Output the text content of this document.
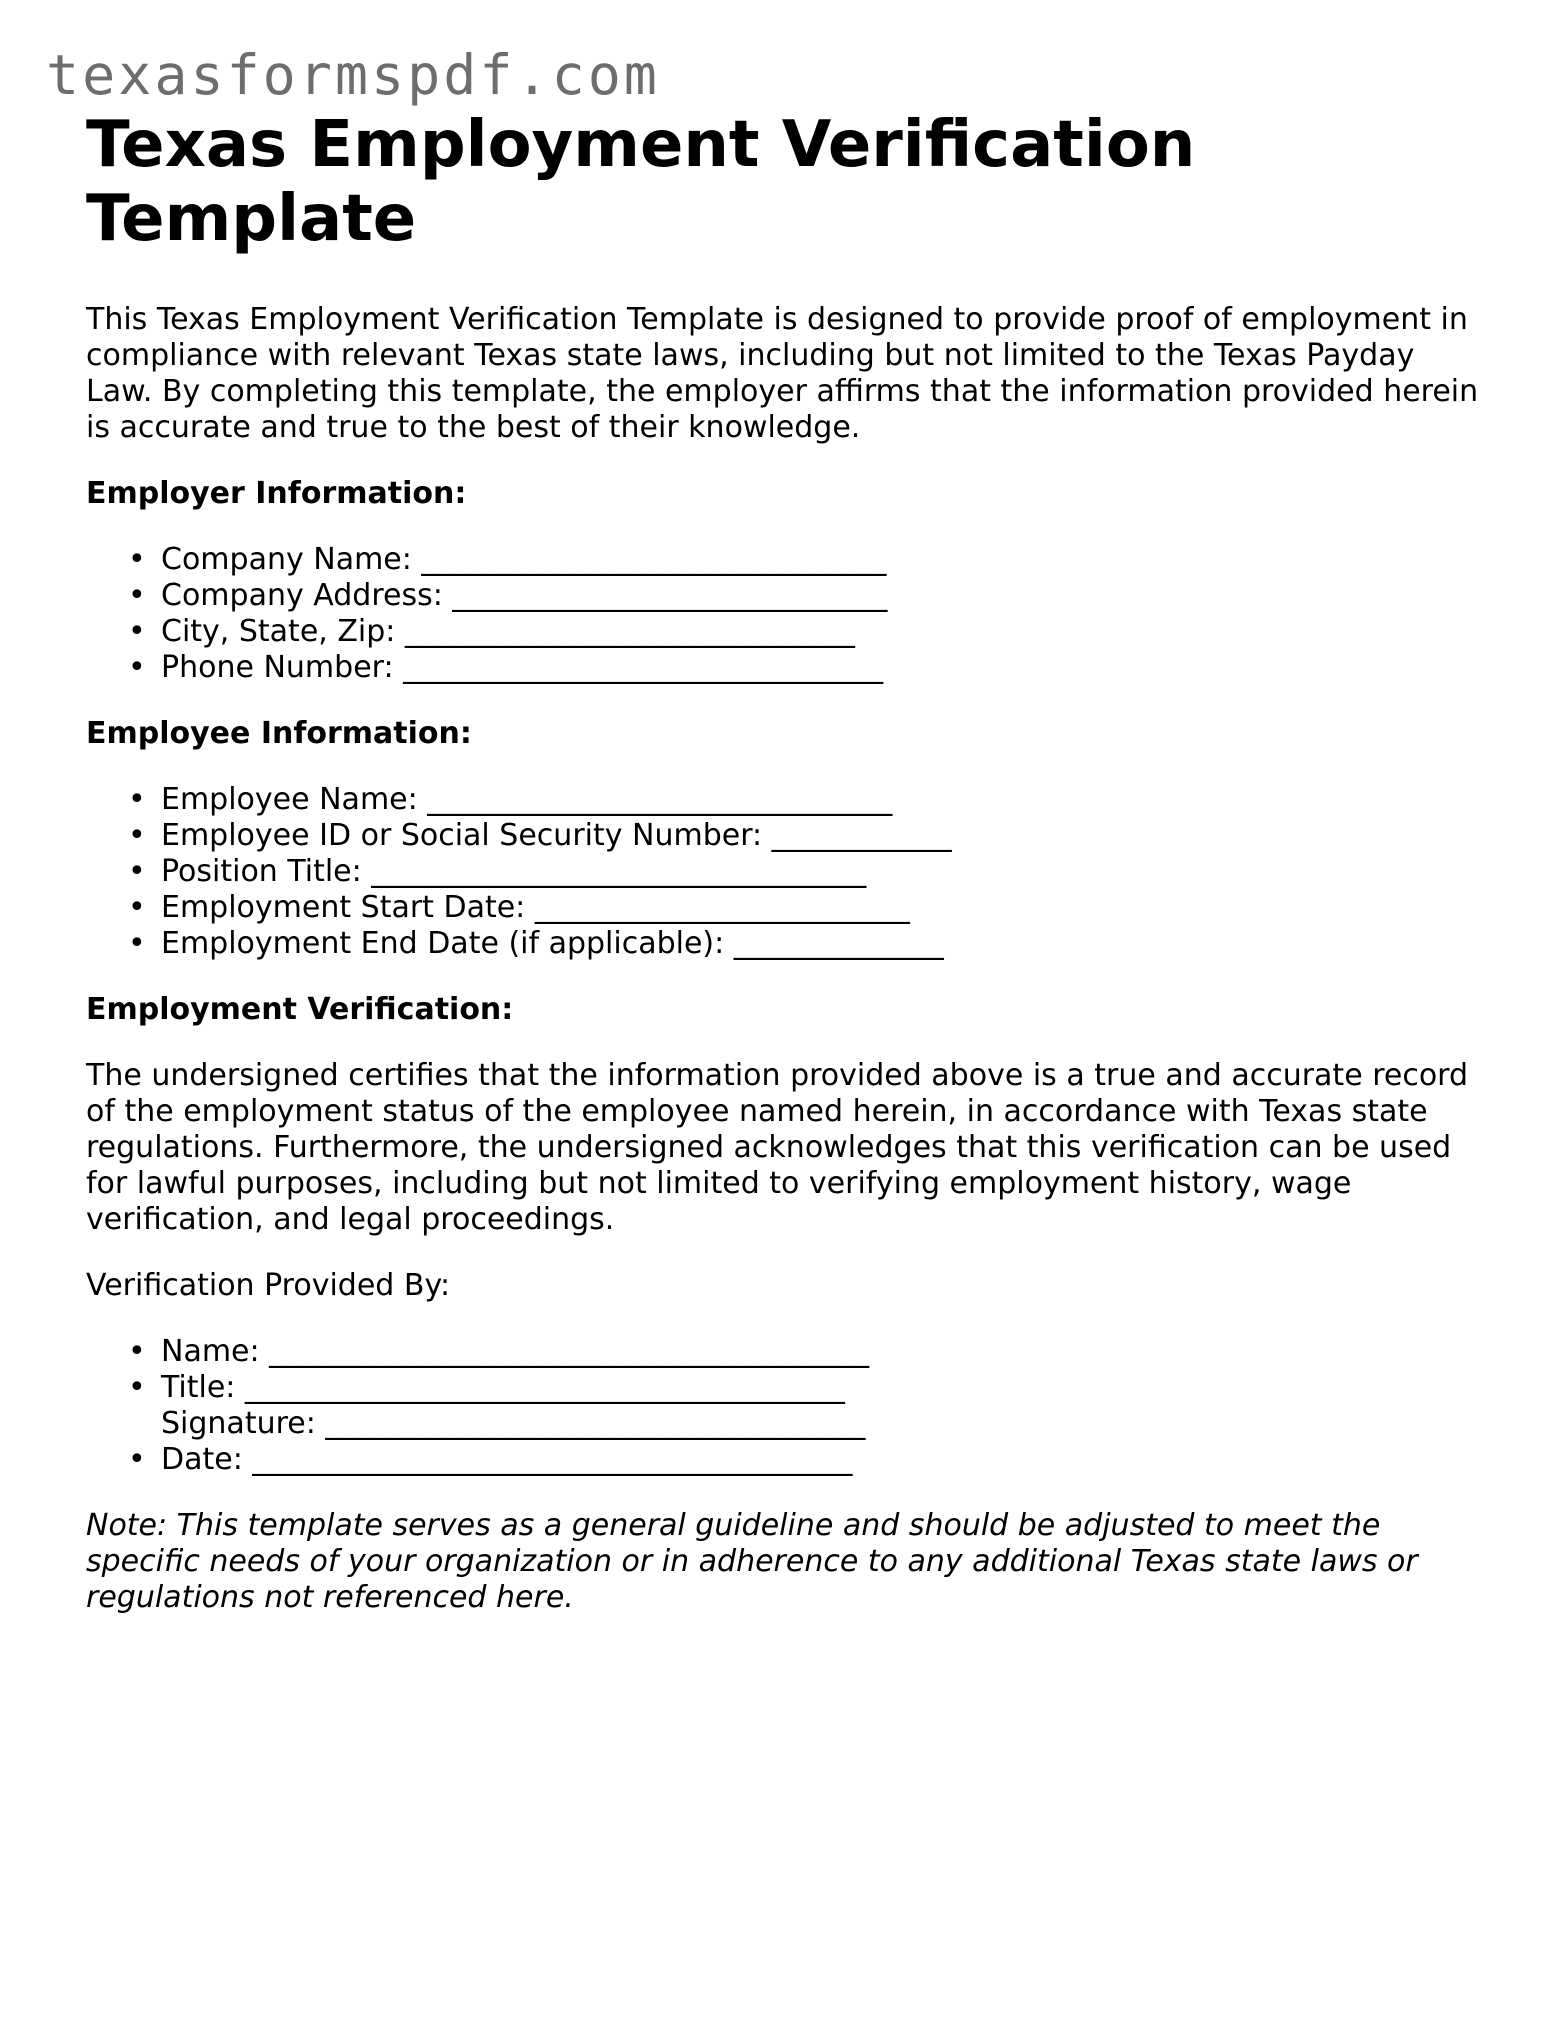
texasformspdf.com
Texas Employment Verification Template

This Texas Employment Verification Template is designed to provide proof of employment in compliance with relevant Texas state laws, including but not limited to the Texas Payday Law. By completing this template, the employer affirms that the information provided herein is accurate and true to the best of their knowledge.

Employer Information:
• Company Name: _______________________________
• Company Address: _____________________________
• City, State, Zip: ______________________________
• Phone Number: ________________________________
Employee Information:
• Employee Name: _______________________________
• Employee ID or Social Security Number: ____________
• Position Title: _________________________________
• Employment Start Date: _________________________
• Employment End Date (if applicable): ______________
Employment Verification:

The undersigned certifies that the information provided above is a true and accurate record of the employment status of the employee named herein, in accordance with Texas state regulations. Furthermore, the undersigned acknowledges that this verification can be used for lawful purposes, including but not limited to verifying employment history, wage verification, and legal proceedings.

Verification Provided By:

• Name: ________________________________________
• Title: ________________________________________
Signature: ____________________________________
• Date: ________________________________________

Note: This template serves as a general guideline and should be adjusted to meet the specific needs of your organization or in adherence to any additional Texas state laws or regulations not referenced here.
